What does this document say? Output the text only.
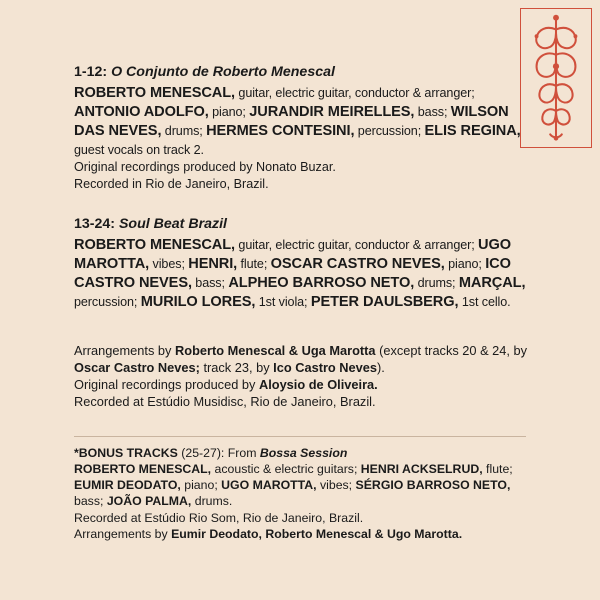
1-12: O Conjunto de Roberto Menescal
ROBERTO MENESCAL, guitar, electric guitar, conductor & arranger; ANTONIO ADOLFO, piano; JURANDIR MEIRELLES, bass; WILSON DAS NEVES, drums; HERMES CONTESINI, percussion; ELIS REGINA, guest vocals on track 2.
Original recordings produced by Nonato Buzar.
Recorded in Rio de Janeiro, Brazil.
13-24: Soul Beat Brazil
ROBERTO MENESCAL, guitar, electric guitar, conductor & arranger; UGO MAROTTA, vibes; HENRI, flute; OSCAR CASTRO NEVES, piano; ICO CASTRO NEVES, bass; ALPHEO BARROSO NETO, drums; MARÇAL, percussion; MURILO LORES, 1st viola; PETER DAULSBERG, 1st cello.
Arrangements by Roberto Menescal & Uga Marotta (except tracks 20 & 24, by Oscar Castro Neves; track 23, by Ico Castro Neves).
Original recordings produced by Aloysio de Oliveira.
Recorded at Estúdio Musidisc, Rio de Janeiro, Brazil.
*BONUS TRACKS (25-27): From Bossa Session
ROBERTO MENESCAL, acoustic & electric guitars; HENRI ACKSELRUD, flute; EUMIR DEODATO, piano; UGO MAROTTA, vibes; SÉRGIO BARROSO NETO, bass; JOÃO PALMA, drums.
Recorded at Estúdio Rio Som, Rio de Janeiro, Brazil.
Arrangements by Eumir Deodato, Roberto Menescal & Ugo Marotta.
